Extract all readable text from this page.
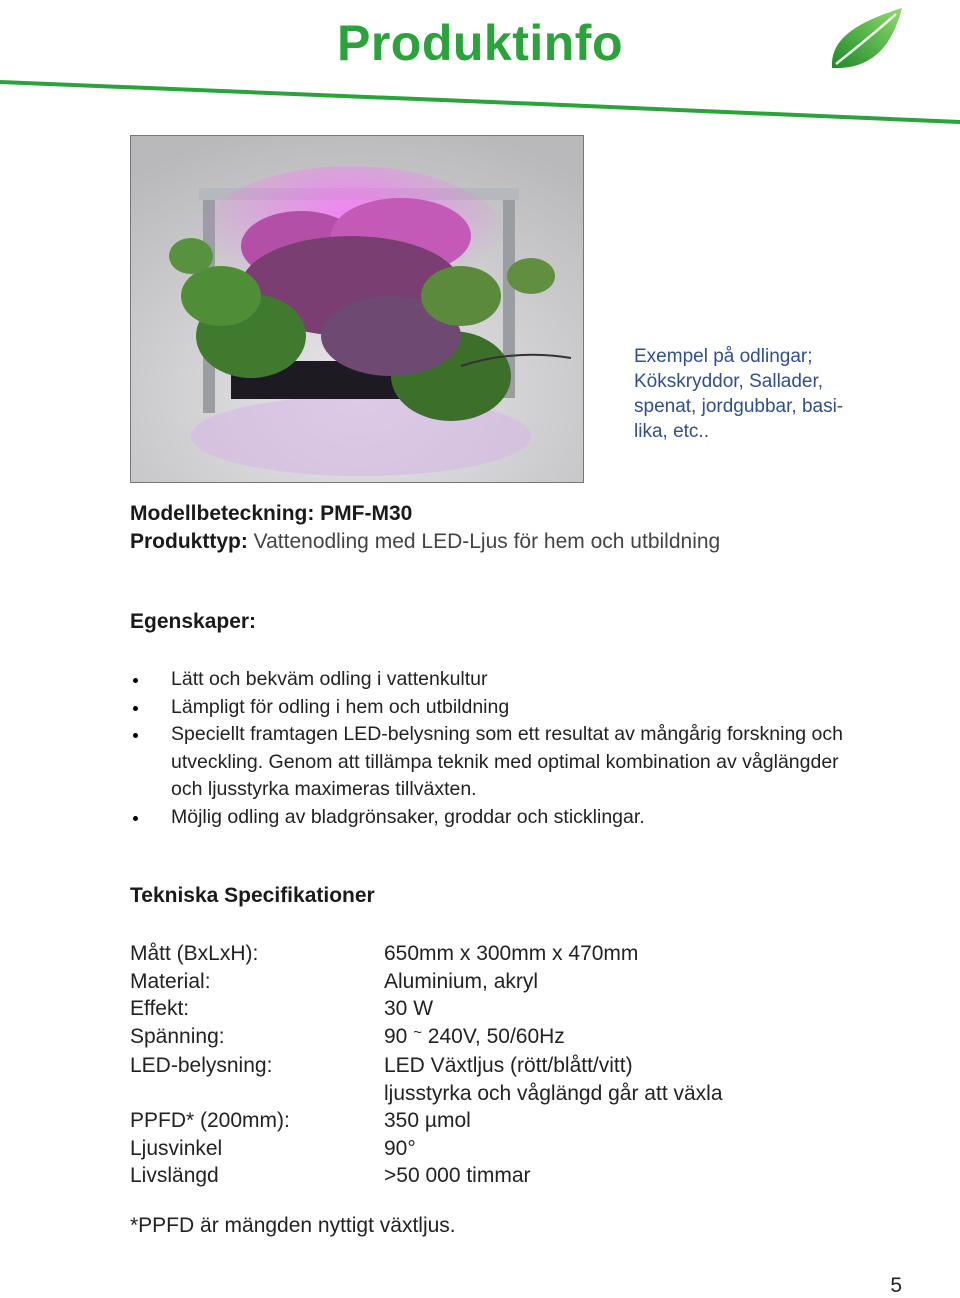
Produktinfo
Exempel på odlingar;
Kökskryddor, Sallader,
spenat, jordgubbar, basi-
lika, etc..
Modellbeteckning: PMF-M30
Produkttyp: Vattenodling med LED-Ljus för hem och utbildning
Egenskaper:
Lätt och bekväm odling i vattenkultur
Lämpligt för odling i hem och utbildning
Speciellt framtagen LED-belysning som ett resultat av mångårig forskning och utveckling. Genom att tillämpa teknik med optimal kombination av våglängder och ljusstyrka maximeras tillväxten.
Möjlig odling av bladgrönsaker, groddar och sticklingar.
Tekniska Specifikationer
Mått (BxLxH):	650mm x 300mm x 470mm
Material:	Aluminium, akryl
Effekt:	30 W
Spänning:	90 ~ 240V, 50/60Hz
LED-belysning:	LED Växtljus (rött/blått/vitt)
ljusstyrka och våglängd går att växla
PPFD* (200mm):	350 µmol
Ljusvinkel	90°
Livslängd	>50 000 timmar
*PPFD är mängden nyttigt växtljus.
5
